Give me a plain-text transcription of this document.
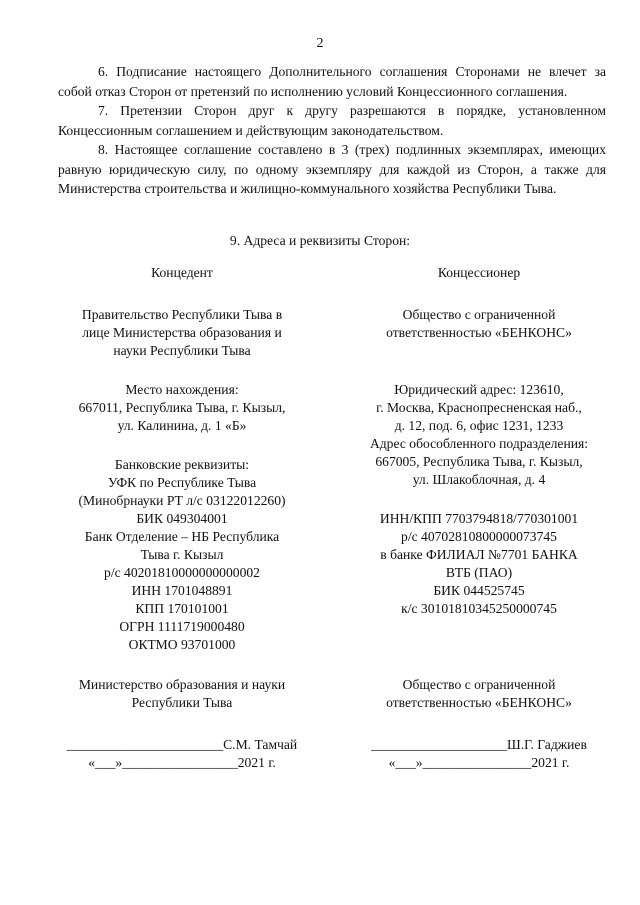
2

6. Подписание настоящего Дополнительного соглашения Сторонами не влечет за собой отказ Сторон от претензий по исполнению условий Концессионного соглашения.

7. Претензии Сторон друг к другу разрешаются в порядке, установленном Концессионным соглашением и действующим законодательством.

8. Настоящее соглашение составлено в 3 (трех) подлинных экземплярах, имеющих равную юридическую силу, по одному экземпляру для каждой из Сторон, а также для Министерства строительства и жилищно-коммунального хозяйства Республики Тыва.

9. Адреса и реквизиты Сторон:
Концедент
Правительство Республики Тыва в
лице Министерства образования и
науки Республики Тыва
Место нахождения:
667011, Республика Тыва, г. Кызыл,
ул. Калинина, д. 1 «Б»
Банковские реквизиты:
УФК по Республике Тыва
(Минобрнауки РТ л/с 03122012260)
БИК 049304001
Банк Отделение – НБ Республика
Тыва г. Кызыл
р/с 40201810000000000002
ИНН 1701048891
КПП 170101001
ОГРН 1111719000480
ОКТМО 93701000
Министерство образования и науки
Республики Тыва
_______________________С.М. Тамчай
«___»_________________2021 г.
Концессионер
Общество с ограниченной
ответственностью «БЕНКОНС»
Юридический адрес: 123610,
г. Москва, Краснопресненская наб.,
д. 12, под. 6, офис 1231, 1233
Адрес обособленного подразделения:
667005, Республика Тыва, г. Кызыл,
ул. Шлакоблочная, д. 4
ИНН/КПП 7703794818/770301001
р/с 40702810800000073745
в банке ФИЛИАЛ №7701 БАНКА
ВТБ (ПАО)
БИК 044525745
к/с 30101810345250000745
Общество с ограниченной
ответственностью «БЕНКОНС»
____________________Ш.Г. Гаджиев
«___»________________2021 г.
